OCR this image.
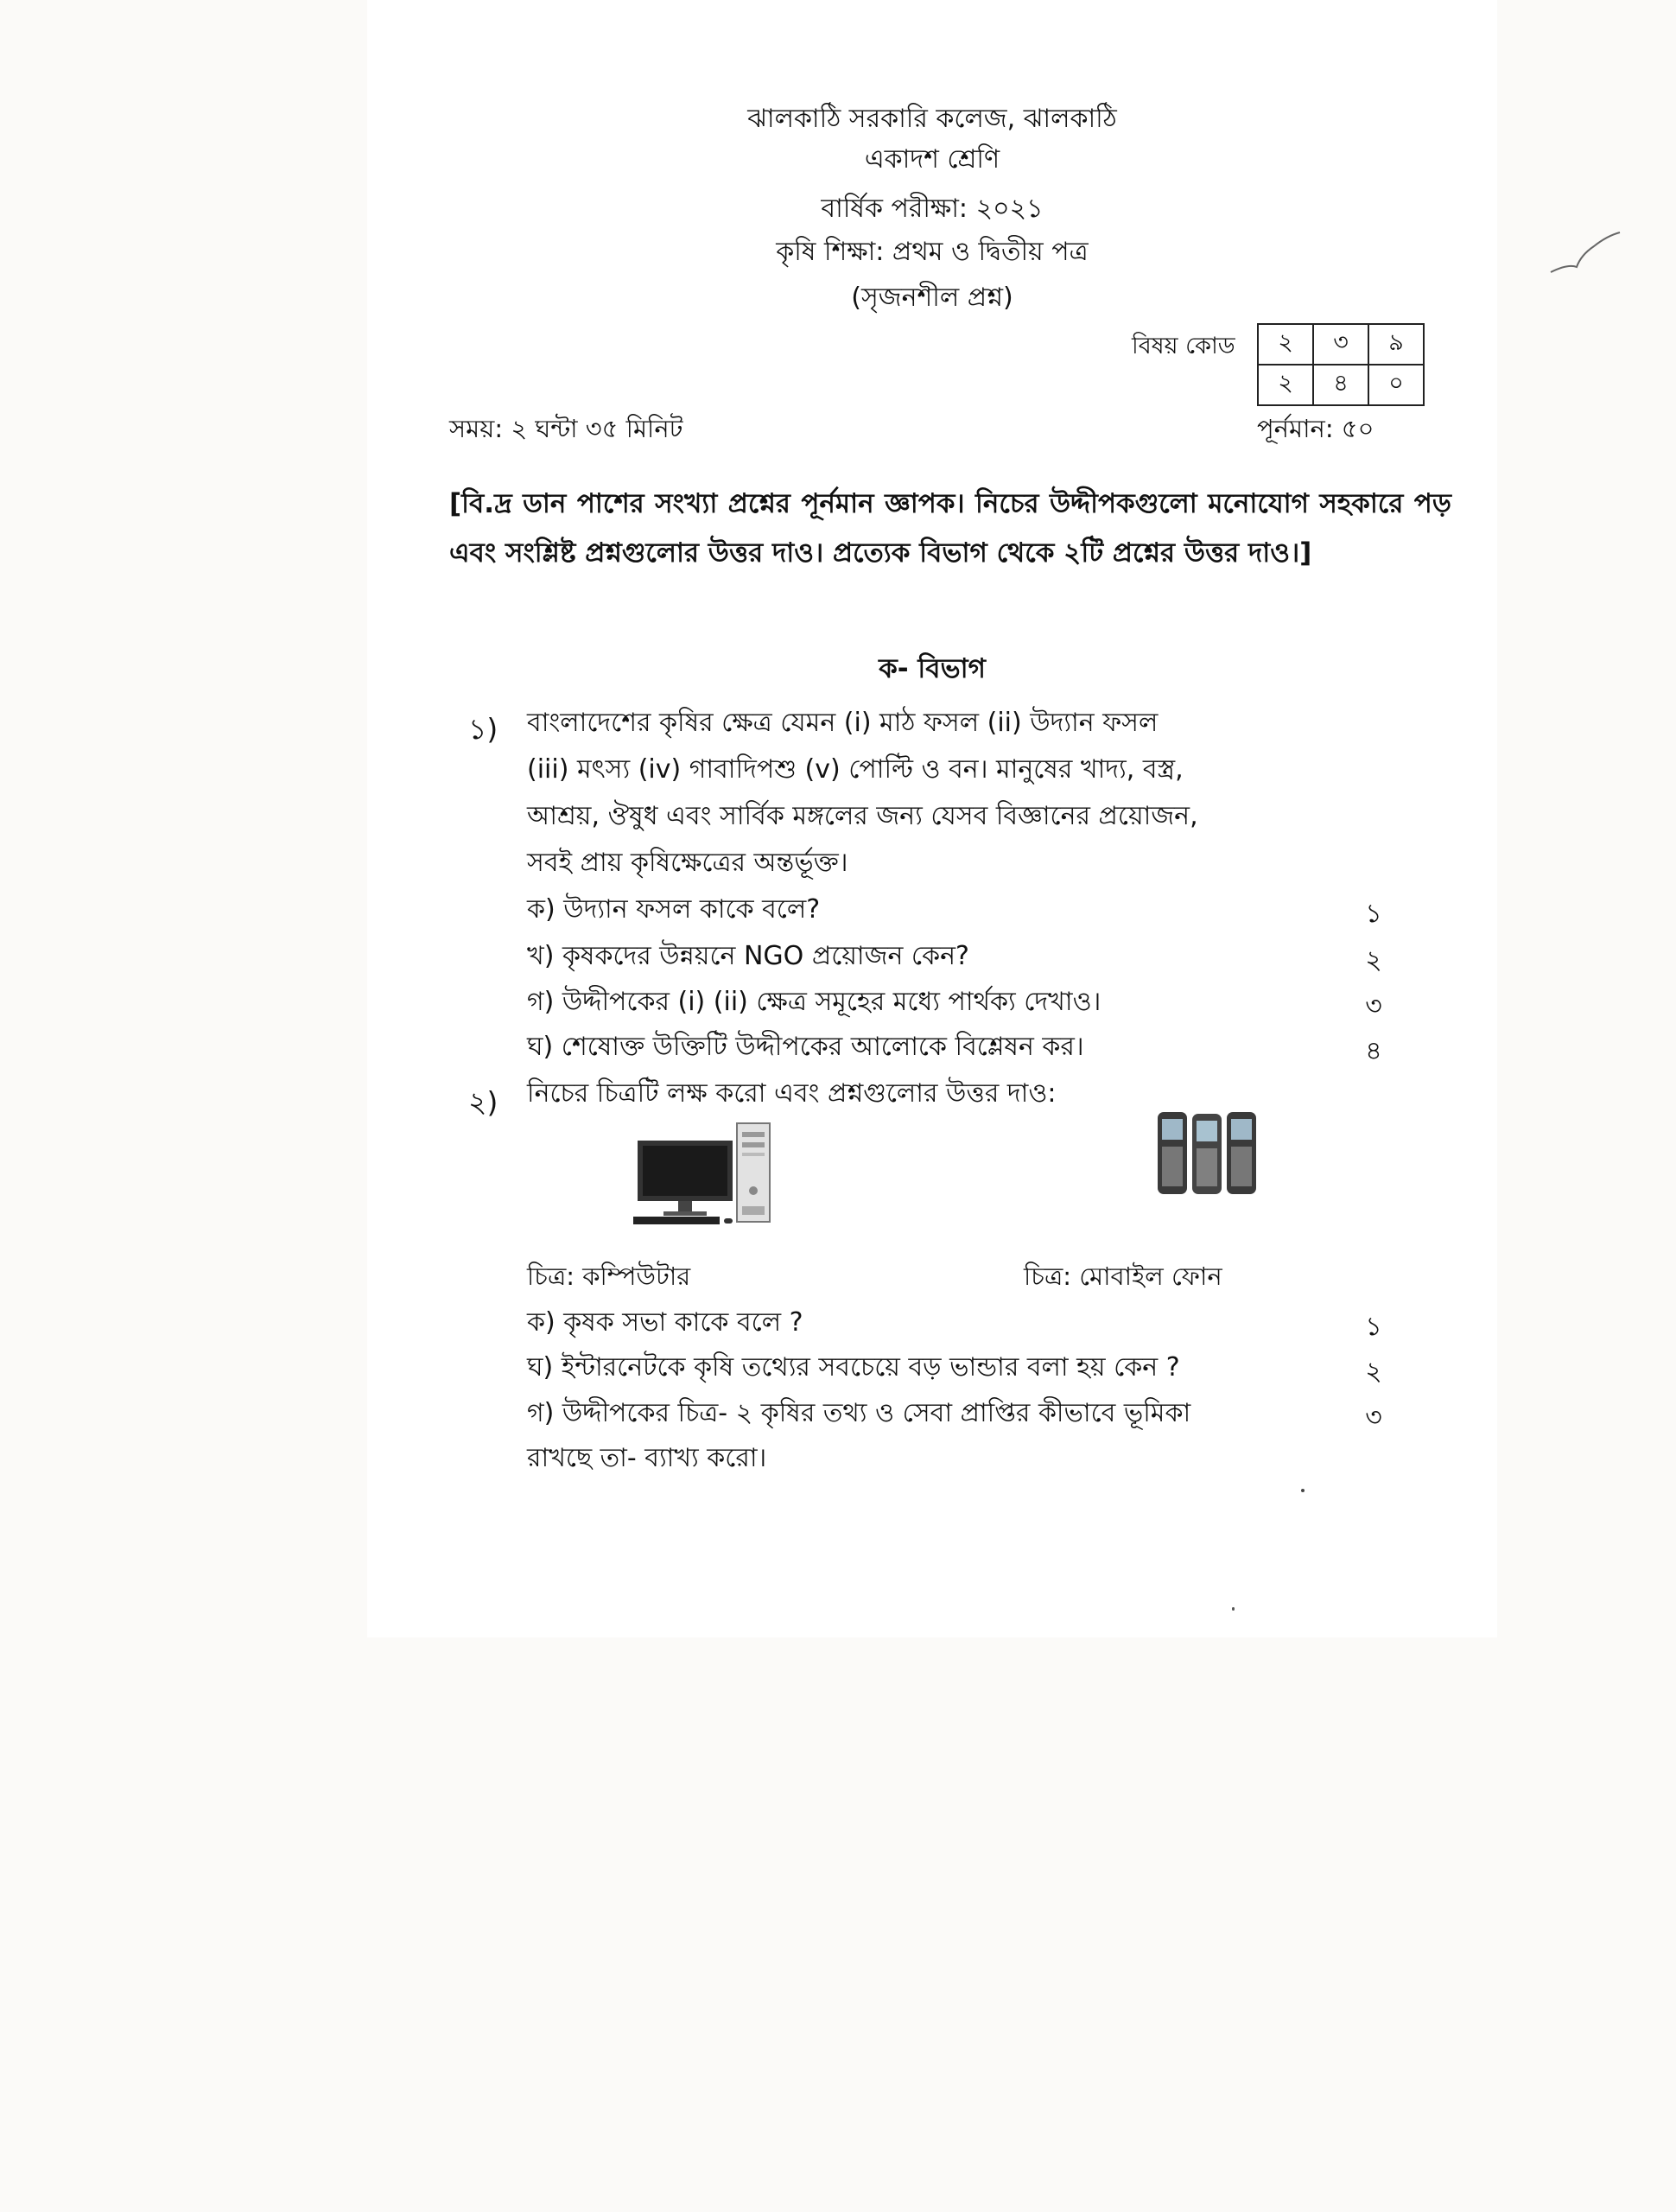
ঝালকাঠি সরকারি কলেজ, ঝালকাঠি
একাদশ শ্রেণি
বার্ষিক পরীক্ষা: ২০২১
কৃষি শিক্ষা: প্রথম ও দ্বিতীয় পত্র
(সৃজনশীল প্রশ্ন)
বিষয় কোড ২	৩	৯
২	৪	০
সময়: ২ ঘন্টা ৩৫ মিনিট	পূর্নমান: ৫০
[বি.দ্র ডান পাশের সংখ্যা প্রশ্নের পূর্নমান জ্ঞাপক। নিচের উদ্দীপকগুলো মনোযোগ সহকারে পড় এবং সংশ্লিষ্ট প্রশ্নগুলোর উত্তর দাও। প্রত্যেক বিভাগ থেকে ২টি প্রশ্নের উত্তর দাও।]
ক- বিভাগ
১) বাংলাদেশের কৃষির ক্ষেত্র যেমন (i) মাঠ ফসল (ii) উদ্যান ফসল
(iii) মৎস্য (iv) গাবাদিপশু (v) পোল্টি ও বন। মানুষের খাদ্য, বস্ত্র,
আশ্রয়, ঔষুধ এবং সার্বিক মঙ্গলের জন্য যেসব বিজ্ঞানের প্রয়োজন,
সবই প্রায় কৃষিক্ষেত্রের অন্তর্ভূক্ত।
ক) উদ্যান ফসল কাকে বলে?	১
খ) কৃষকদের উন্নয়নে NGO প্রয়োজন কেন?	২
গ) উদ্দীপকের (i) (ii) ক্ষেত্র সমূহের মধ্যে পার্থক্য দেখাও।	৩
ঘ) শেষোক্ত উক্তিটি উদ্দীপকের আলোকে বিশ্লেষন কর।	৪
২) নিচের চিত্রটি লক্ষ করো এবং প্রশ্নগুলোর উত্তর দাও:
চিত্র: কম্পিউটার	চিত্র: মোবাইল ফোন
ক) কৃষক সভা কাকে বলে ?	১
ঘ) ইন্টারনেটকে কৃষি তথ্যের সবচেয়ে বড় ভান্ডার বলা হয় কেন ?	২
গ) উদ্দীপকের চিত্র- ২ কৃষির তথ্য ও সেবা প্রাপ্তির কীভাবে ভূমিকা	৩
রাখছে তা- ব্যাখ্য করো।
